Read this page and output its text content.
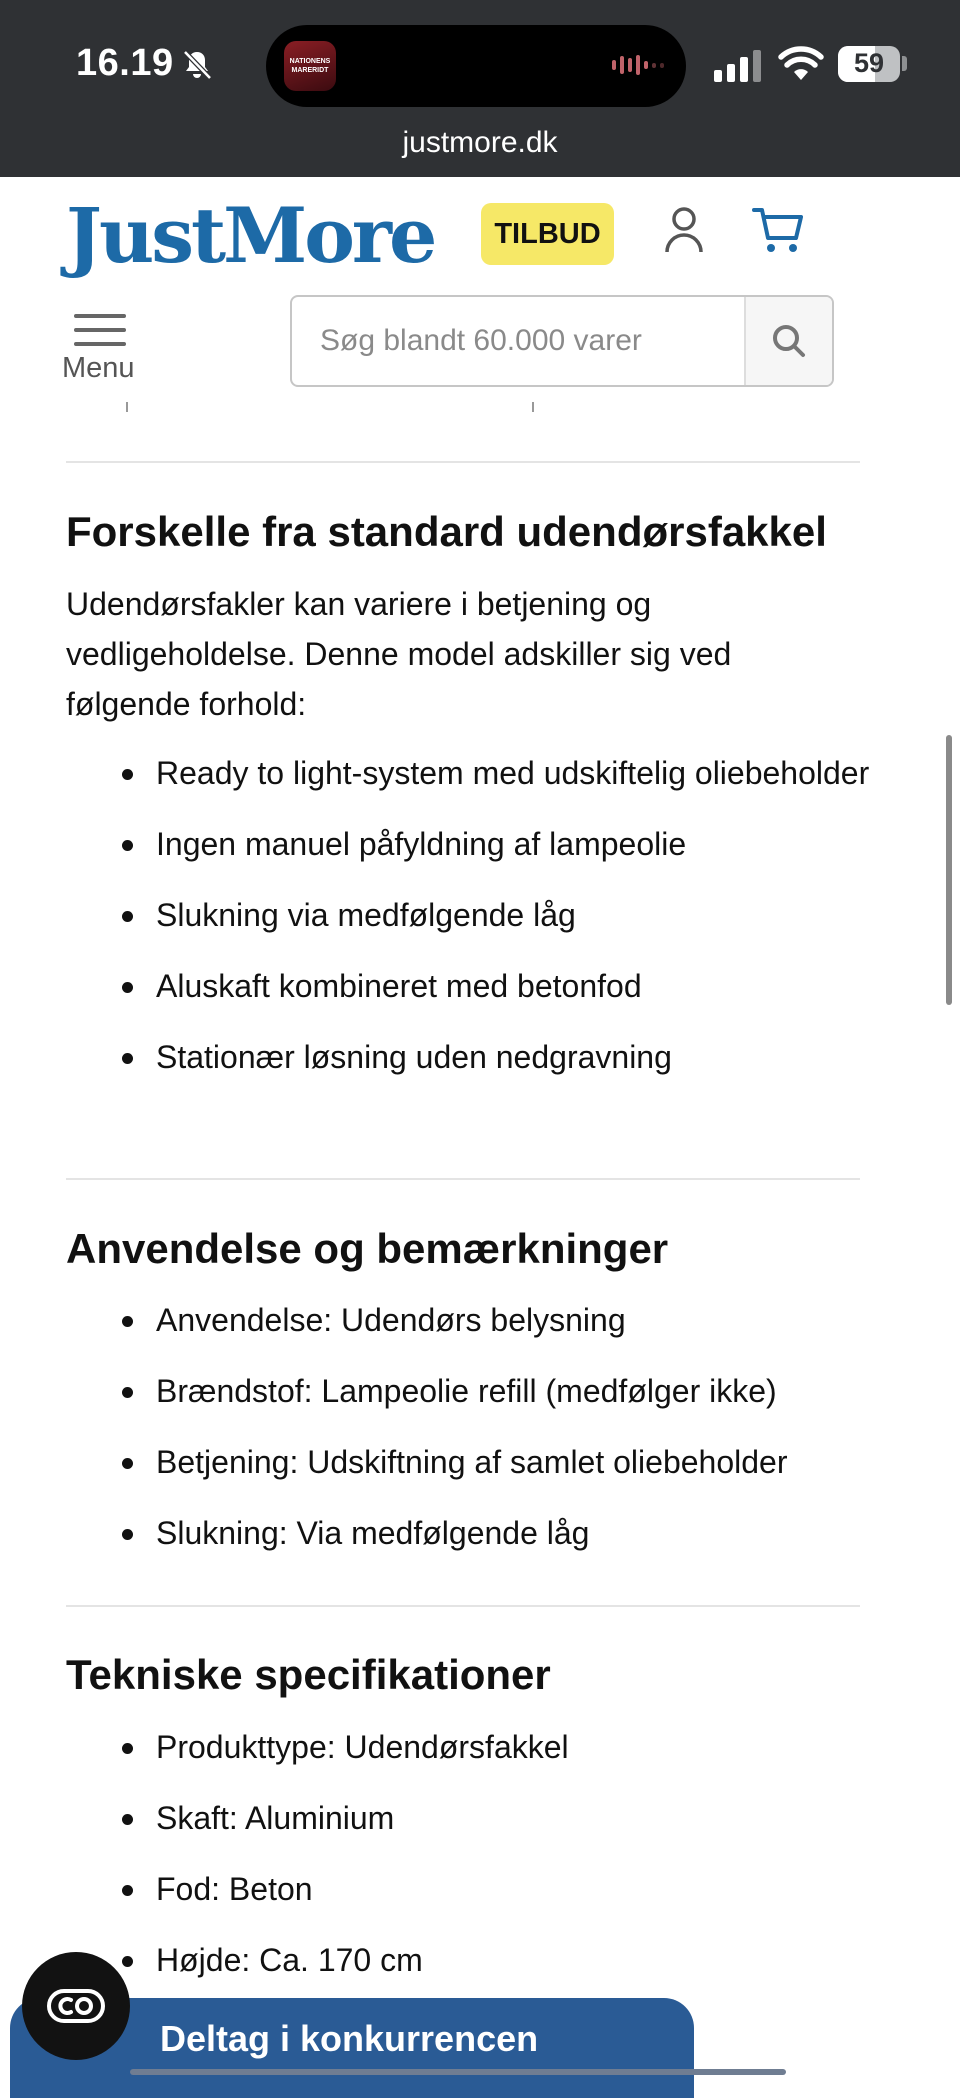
16.19	NATIONENS MARERIDT	59
justmore.dk
JustMore	TILBUD
Menu
Søg blandt 60.000 varer
Forskelle fra standard udendørsfakkel
Udendørsfakler kan variere i betjening og vedligeholdelse. Denne model adskiller sig ved følgende forhold:
Ready to light-system med udskiftelig oliebeholder
Ingen manuel påfyldning af lampeolie
Slukning via medfølgende låg
Aluskaft kombineret med betonfod
Stationær løsning uden nedgravning
Anvendelse og bemærkninger
Anvendelse: Udendørs belysning
Brændstof: Lampeolie refill (medfølger ikke)
Betjening: Udskiftning af samlet oliebeholder
Slukning: Via medfølgende låg
Tekniske specifikationer
Produkttype: Udendørsfakkel
Skaft: Aluminium
Fod: Beton
Højde: Ca. 170 cm
Deltag i konkurrencen
